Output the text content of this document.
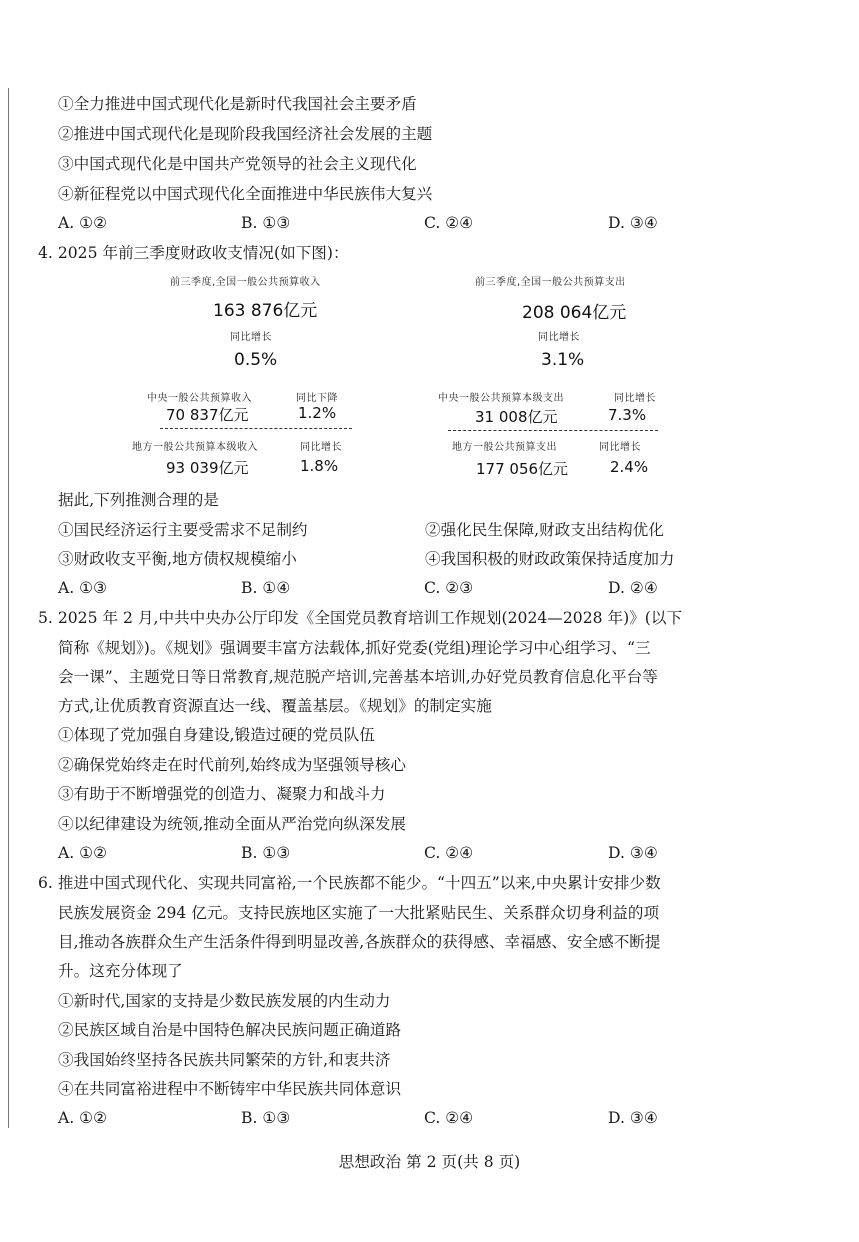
①全力推进中国式现代化是新时代我国社会主要矛盾
②推进中国式现代化是现阶段我国经济社会发展的主题
③中国式现代化是中国共产党领导的社会主义现代化
④新征程党以中国式现代化全面推进中华民族伟大复兴
A. ①②	B. ①③	C. ②④	D. ③④
4. 2025 年前三季度财政收支情况(如下图)：
前三季度,全国一般公共预算收入
163 876亿元
同比增长
0.5%
中央一般公共预算收入	同比下降
70 837亿元	1.2%
地方一般公共预算本级收入	同比增长
93 039亿元	1.8%
前三季度,全国一般公共预算支出
208 064亿元
同比增长
3.1%
中央一般公共预算本级支出	同比增长
31 008亿元	7.3%
地方一般公共预算支出	同比增长
177 056亿元	2.4%
据此,下列推测合理的是
①国民经济运行主要受需求不足制约	②强化民生保障,财政支出结构优化
③财政收支平衡,地方债权规模缩小	④我国积极的财政政策保持适度加力
A. ①③	B. ①④	C. ②③	D. ②④
5. 2025 年 2 月,中共中央办公厅印发《全国党员教育培训工作规划(2024—2028 年)》(以下
简称《规划》)。《规划》强调要丰富方法载体,抓好党委(党组)理论学习中心组学习、“三
会一课”、主题党日等日常教育,规范脱产培训,完善基本培训,办好党员教育信息化平台等
方式,让优质教育资源直达一线、覆盖基层。《规划》的制定实施
①体现了党加强自身建设,锻造过硬的党员队伍
②确保党始终走在时代前列,始终成为坚强领导核心
③有助于不断增强党的创造力、凝聚力和战斗力
④以纪律建设为统领,推动全面从严治党向纵深发展
A. ①②	B. ①③	C. ②④	D. ③④
6. 推进中国式现代化、实现共同富裕,一个民族都不能少。“十四五”以来,中央累计安排少数
民族发展资金 294 亿元。支持民族地区实施了一大批紧贴民生、关系群众切身利益的项
目,推动各族群众生产生活条件得到明显改善,各族群众的获得感、幸福感、安全感不断提
升。这充分体现了
①新时代,国家的支持是少数民族发展的内生动力
②民族区域自治是中国特色解决民族问题正确道路
③我国始终坚持各民族共同繁荣的方针,和衷共济
④在共同富裕进程中不断铸牢中华民族共同体意识
A. ①②	B. ①③	C. ②④	D. ③④
思想政治 第 2 页(共 8 页)
